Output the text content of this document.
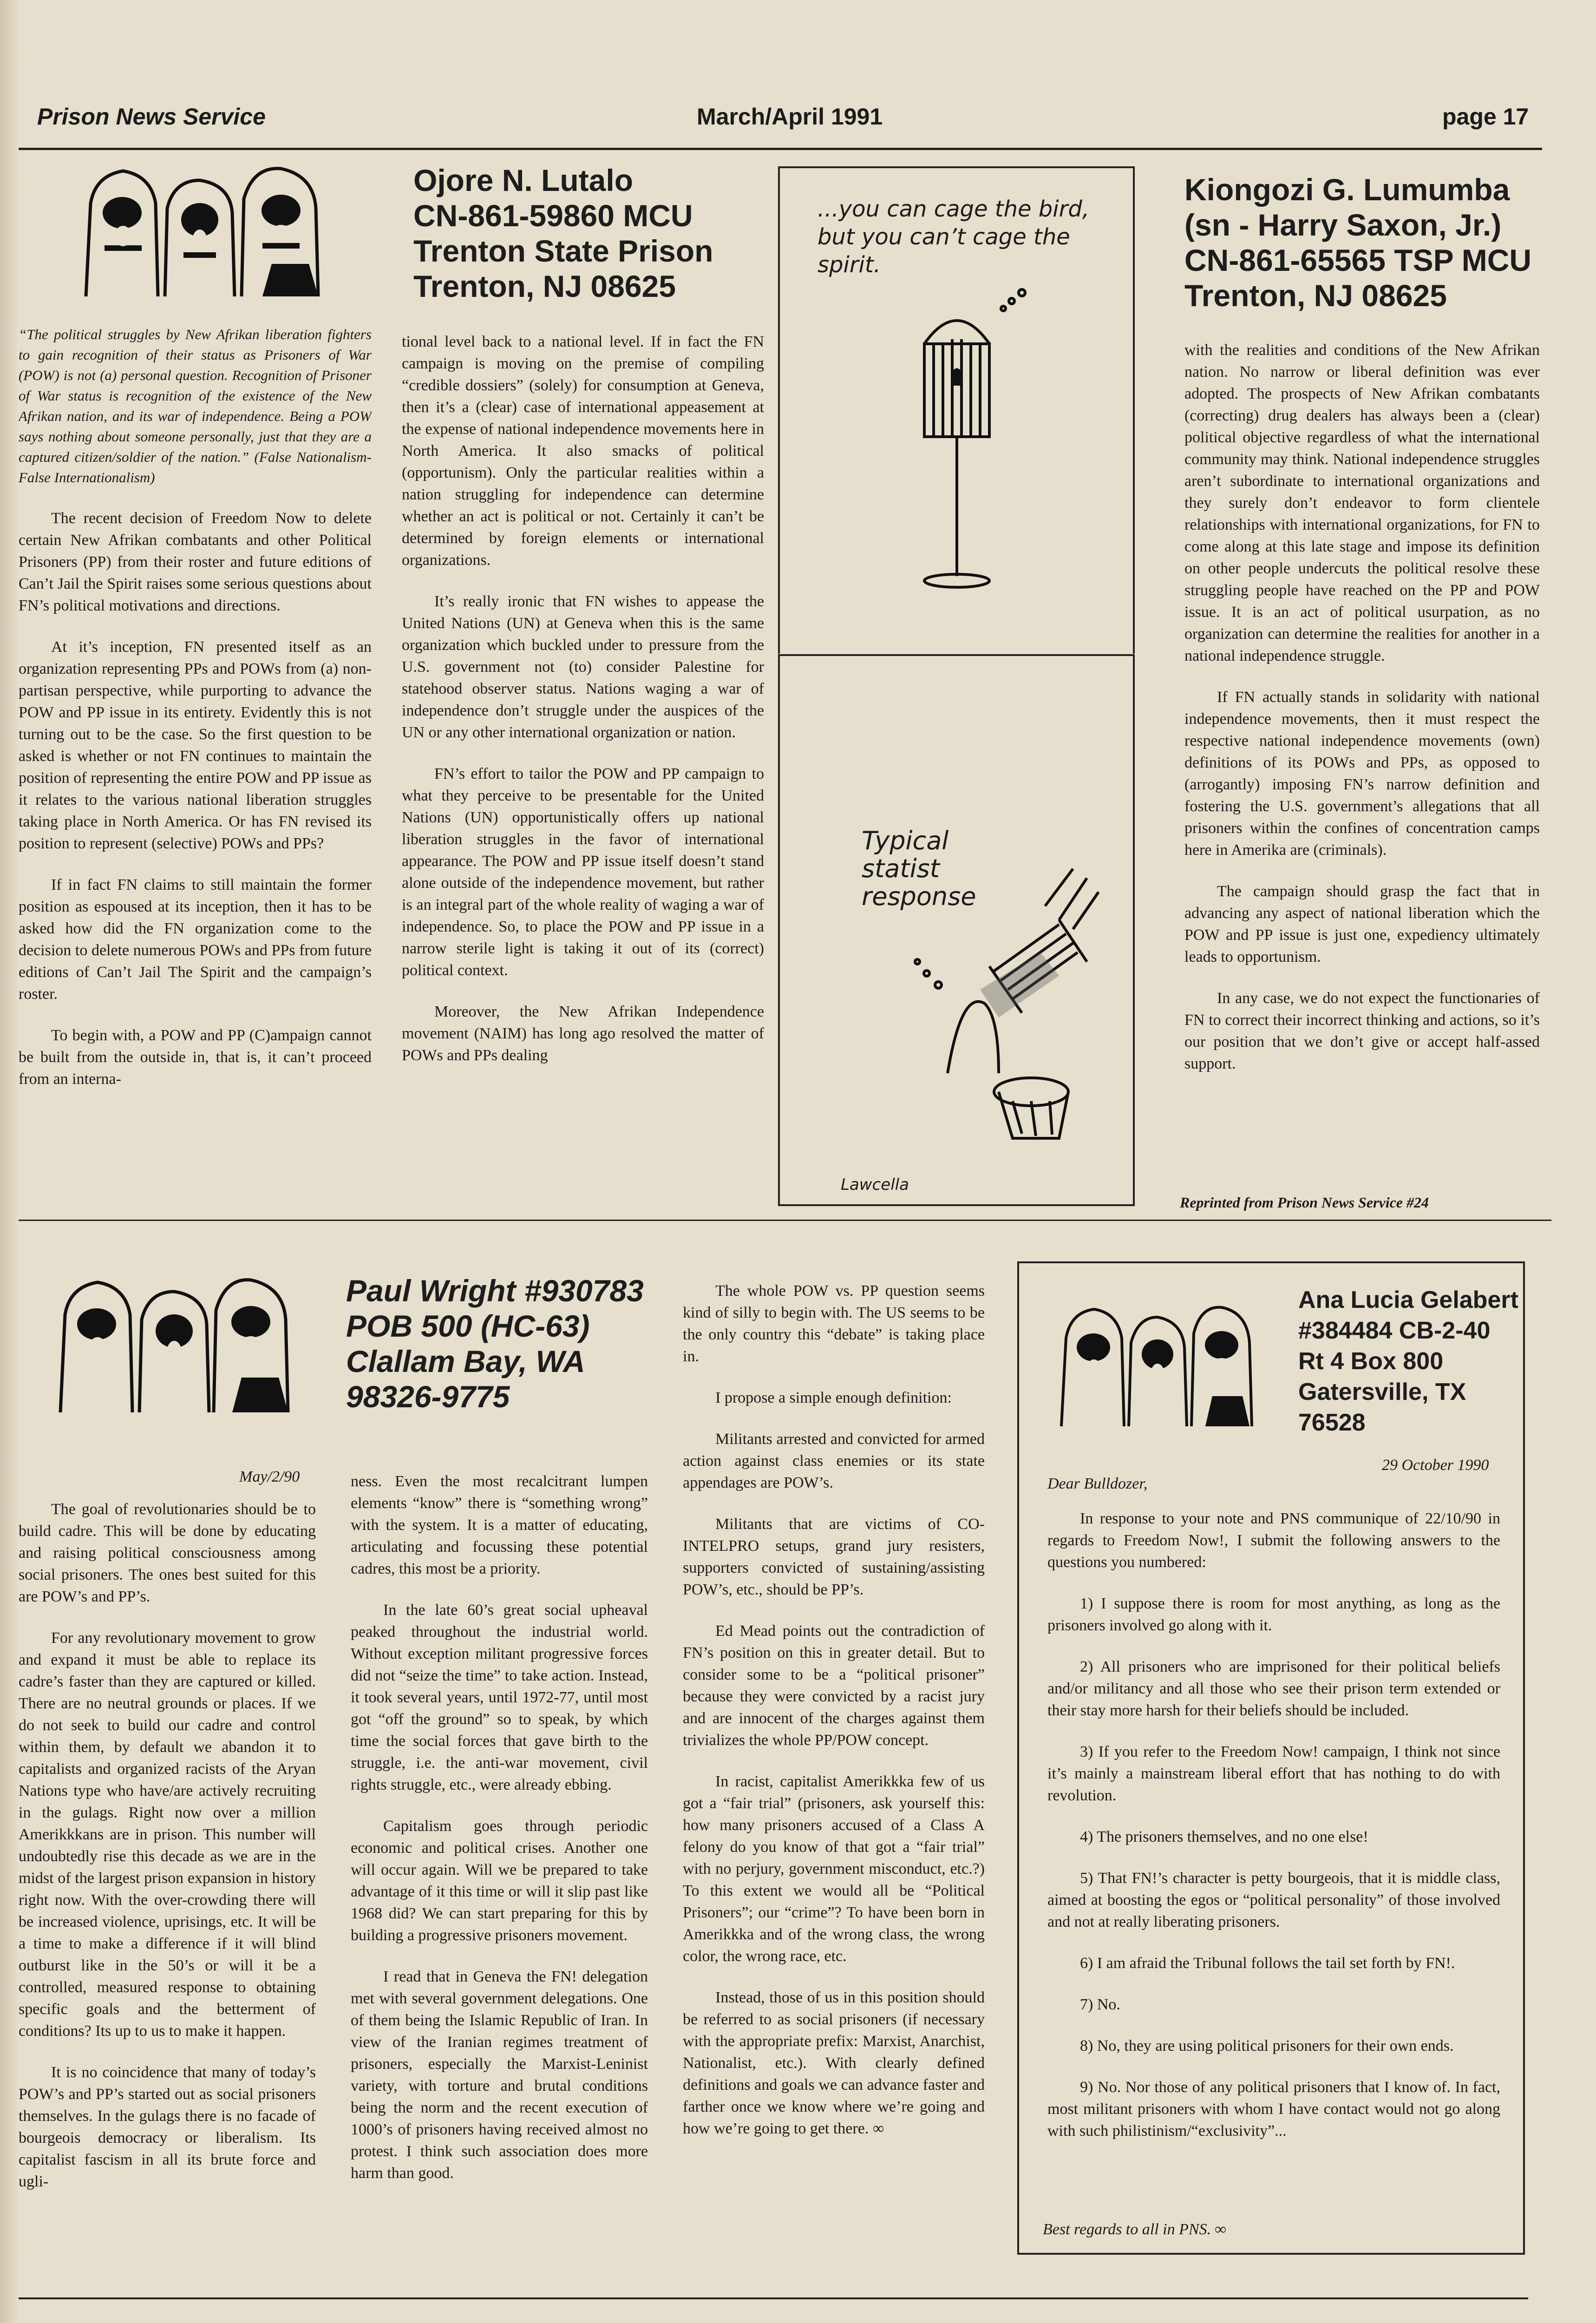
Prison News Service	March/April 1991	page 17
Ojore N. Lutalo
CN-861-59860 MCU
Trenton State Prison
Trenton, NJ 08625

“The political struggles by New Afrikan liberation fighters to gain recognition of their status as Prisoners of War (POW) is not (a) personal question. Recognition of Prisoner of War status is recognition of the existence of the New Afrikan nation, and its war of independence. Being a POW says nothing about someone personally, just that they are a captured citizen/soldier of the nation.” (False Nationalism-False Internationalism)

The recent decision of Freedom Now to delete certain New Afrikan combatants and other Political Prisoners (PP) from their roster and future editions of Can’t Jail the Spirit raises some serious questions about FN’s political motivations and directions.

At it’s inception, FN presented itself as an organization representing PPs and POWs from (a) non-partisan perspective, while purporting to advance the POW and PP issue in its entirety. Evidently this is not turning out to be the case. So the first question to be asked is whether or not FN continues to maintain the position of representing the entire POW and PP issue as it relates to the various national liberation struggles taking place in North America. Or has FN revised its position to represent (selective) POWs and PPs?

If in fact FN claims to still maintain the former position as espoused at its inception, then it has to be asked how did the FN organization come to the decision to delete numerous POWs and PPs from future editions of Can’t Jail The Spirit and the campaign’s roster.

To begin with, a POW and PP (C)ampaign cannot be built from the outside in, that is, it can’t proceed from an interna-

tional level back to a national level. If in fact the FN campaign is moving on the premise of compiling “credible dossiers” (solely) for consumption at Geneva, then it’s a (clear) case of international appeasement at the expense of national independence movements here in North America. It also smacks of political (opportunism). Only the particular realities within a nation struggling for independence can determine whether an act is political or not. Certainly it can’t be determined by foreign elements or international organizations.

It’s really ironic that FN wishes to appease the United Nations (UN) at Geneva when this is the same organization which buckled under to pressure from the U.S. government not (to) consider Palestine for statehood observer status. Nations waging a war of independence don’t struggle under the auspices of the UN or any other international organization or nation.

FN’s effort to tailor the POW and PP campaign to what they perceive to be presentable for the United Nations (UN) opportunistically offers up national liberation struggles in the favor of international appearance. The POW and PP issue itself doesn’t stand alone outside of the independence movement, but rather is an integral part of the whole reality of waging a war of independence. So, to place the POW and PP issue in a narrow sterile light is taking it out of its (correct) political context.

Moreover, the New Afrikan Independence movement (NAIM) has long ago resolved the matter of POWs and PPs dealing

...you can cage the bird, but you can’t cage the spirit.
Typical statist response
Lawcella
Kiongozi G. Lumumba
(sn - Harry Saxon, Jr.)
CN-861-65565 TSP MCU
Trenton, NJ 08625

with the realities and conditions of the New Afrikan nation. No narrow or liberal definition was ever adopted. The prospects of New Afrikan combatants (correcting) drug dealers has always been a (clear) political objective regardless of what the international community may think. National independence struggles aren’t subordinate to international organizations and they surely don’t endeavor to form clientele relationships with international organizations, for FN to come along at this late stage and impose its definition on other people undercuts the political resolve these struggling people have reached on the PP and POW issue. It is an act of political usurpation, as no organization can determine the realities for another in a national independence struggle.

If FN actually stands in solidarity with national independence movements, then it must respect the respective national independence movements (own) definitions of its POWs and PPs, as opposed to (arrogantly) imposing FN’s narrow definition and fostering the U.S. government’s allegations that all prisoners within the confines of concentration camps here in Amerika are (criminals).

The campaign should grasp the fact that in advancing any aspect of national liberation which the POW and PP issue is just one, expediency ultimately leads to opportunism.

In any case, we do not expect the functionaries of FN to correct their incorrect thinking and actions, so it’s our position that we don’t give or accept half-assed support.

Reprinted from Prison News Service #24
Paul Wright #930783
POB 500 (HC-63)
Clallam Bay, WA
98326-9775
May/2/90

The goal of revolutionaries should be to build cadre. This will be done by educating and raising political consciousness among social prisoners. The ones best suited for this are POW’s and PP’s.

For any revolutionary movement to grow and expand it must be able to replace its cadre’s faster than they are captured or killed. There are no neutral grounds or places. If we do not seek to build our cadre and control within them, by default we abandon it to capitalists and organized racists of the Aryan Nations type who have/are actively recruiting in the gulags. Right now over a million Amerikkkans are in prison. This number will undoubtedly rise this decade as we are in the midst of the largest prison expansion in history right now. With the over-crowding there will be increased violence, uprisings, etc. It will be a time to make a difference if it will blind outburst like in the 50’s or will it be a controlled, measured response to obtaining specific goals and the betterment of conditions? Its up to us to make it happen.

It is no coincidence that many of today’s POW’s and PP’s started out as social prisoners themselves. In the gulags there is no facade of bourgeois democracy or liberalism. Its capitalist fascism in all its brute force and ugli-

ness. Even the most recalcitrant lumpen elements “know” there is “something wrong” with the system. It is a matter of educating, articulating and focussing these potential cadres, this most be a priority.

In the late 60’s great social upheaval peaked throughout the industrial world. Without exception militant progressive forces did not “seize the time” to take action. Instead, it took several years, until 1972-77, until most got “off the ground” so to speak, by which time the social forces that gave birth to the struggle, i.e. the anti-war movement, civil rights struggle, etc., were already ebbing.

Capitalism goes through periodic economic and political crises. Another one will occur again. Will we be prepared to take advantage of it this time or will it slip past like 1968 did? We can start preparing for this by building a progressive prisoners movement.

I read that in Geneva the FN! delegation met with several government delegations. One of them being the Islamic Republic of Iran. In view of the Iranian regimes treatment of prisoners, especially the Marxist-Leninist variety, with torture and brutal conditions being the norm and the recent execution of 1000’s of prisoners having received almost no protest. I think such association does more harm than good.

The whole POW vs. PP question seems kind of silly to begin with. The US seems to be the only country this “debate” is taking place in.

I propose a simple enough definition:

Militants arrested and convicted for armed action against class enemies or its state appendages are POW’s.

Militants that are victims of CO-INTELPRO setups, grand jury resisters, supporters convicted of sustaining/assisting POW’s, etc., should be PP’s.

Ed Mead points out the contradiction of FN’s position on this in greater detail. But to consider some to be a “political prisoner” because they were convicted by a racist jury and are innocent of the charges against them trivializes the whole PP/POW concept.

In racist, capitalist Amerikkka few of us got a “fair trial” (prisoners, ask yourself this: how many prisoners accused of a Class A felony do you know of that got a “fair trial” with no perjury, government misconduct, etc.?) To this extent we would all be “Political Prisoners”; our “crime”? To have been born in Amerikkka and of the wrong class, the wrong color, the wrong race, etc.

Instead, those of us in this position should be referred to as social prisoners (if necessary with the appropriate prefix: Marxist, Anarchist, Nationalist, etc.). With clearly defined definitions and goals we can advance faster and farther once we know where we’re going and how we’re going to get there. ∞

Ana Lucia Gelabert
#384484 CB-2-40
Rt 4 Box 800
Gatersville, TX
76528
29 October 1990
Dear Bulldozer,

In response to your note and PNS communique of 22/10/90 in regards to Freedom Now!, I submit the following answers to the questions you numbered:

1) I suppose there is room for most anything, as long as the prisoners involved go along with it.

2) All prisoners who are imprisoned for their political beliefs and/or militancy and all those who see their prison term extended or their stay more harsh for their beliefs should be included.

3) If you refer to the Freedom Now! campaign, I think not since it’s mainly a mainstream liberal effort that has nothing to do with revolution.

4) The prisoners themselves, and no one else!

5) That FN!’s character is petty bourgeois, that it is middle class, aimed at boosting the egos or “political personality” of those involved and not at really liberating prisoners.

6) I am afraid the Tribunal follows the tail set forth by FN!.

7) No.

8) No, they are using political prisoners for their own ends.

9) No. Nor those of any political prisoners that I know of. In fact, most militant prisoners with whom I have contact would not go along with such philistinism/“exclusivity”...

Best regards to all in PNS. ∞
